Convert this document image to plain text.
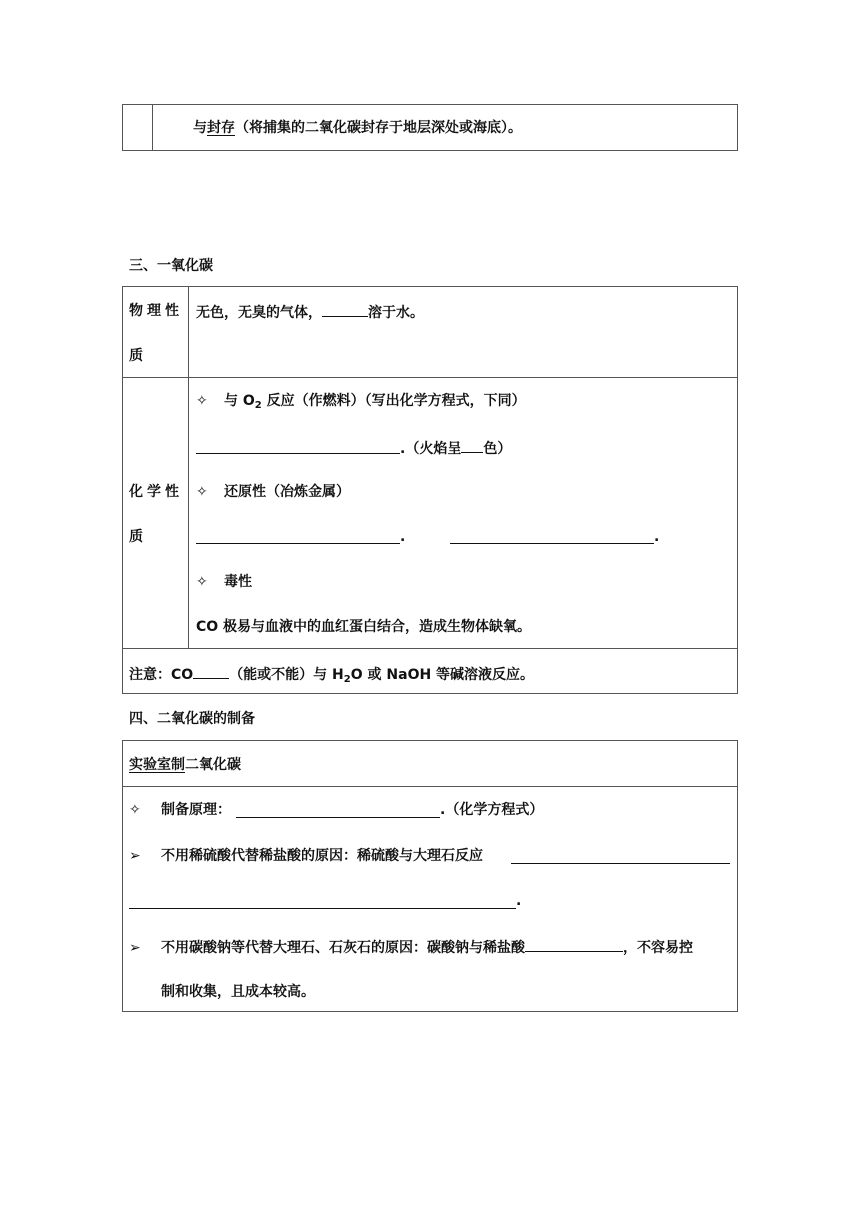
与封存（将捕集的二氧化碳封存于地层深处或海底）。
三、一氧化碳
物理性
质
无色，无臭的气体，	溶于水。
化学性
质
✧ 与 $O_2$ 反应（作燃料）（写出化学方程式，下同）
.（火焰呈 色）
✧ 还原性（冶炼金属）
.	.
✧ 毒性
CO 极易与血液中的血红蛋白结合，造成生物体缺氧。
注意：CO	（能或不能）与 $H_2O$ 或 NaOH 等碱溶液反应。
四、二氧化碳的制备
实验室制二氧化碳
✧ 制备原理：	.（化学方程式）
➢ 不用稀硫酸代替稀盐酸的原因：稀硫酸与大理石反应
.
➢ 不用碳酸钠等代替大理石、石灰石的原因：碳酸钠与稀盐酸	，不容易控
制和收集，且成本较高。
